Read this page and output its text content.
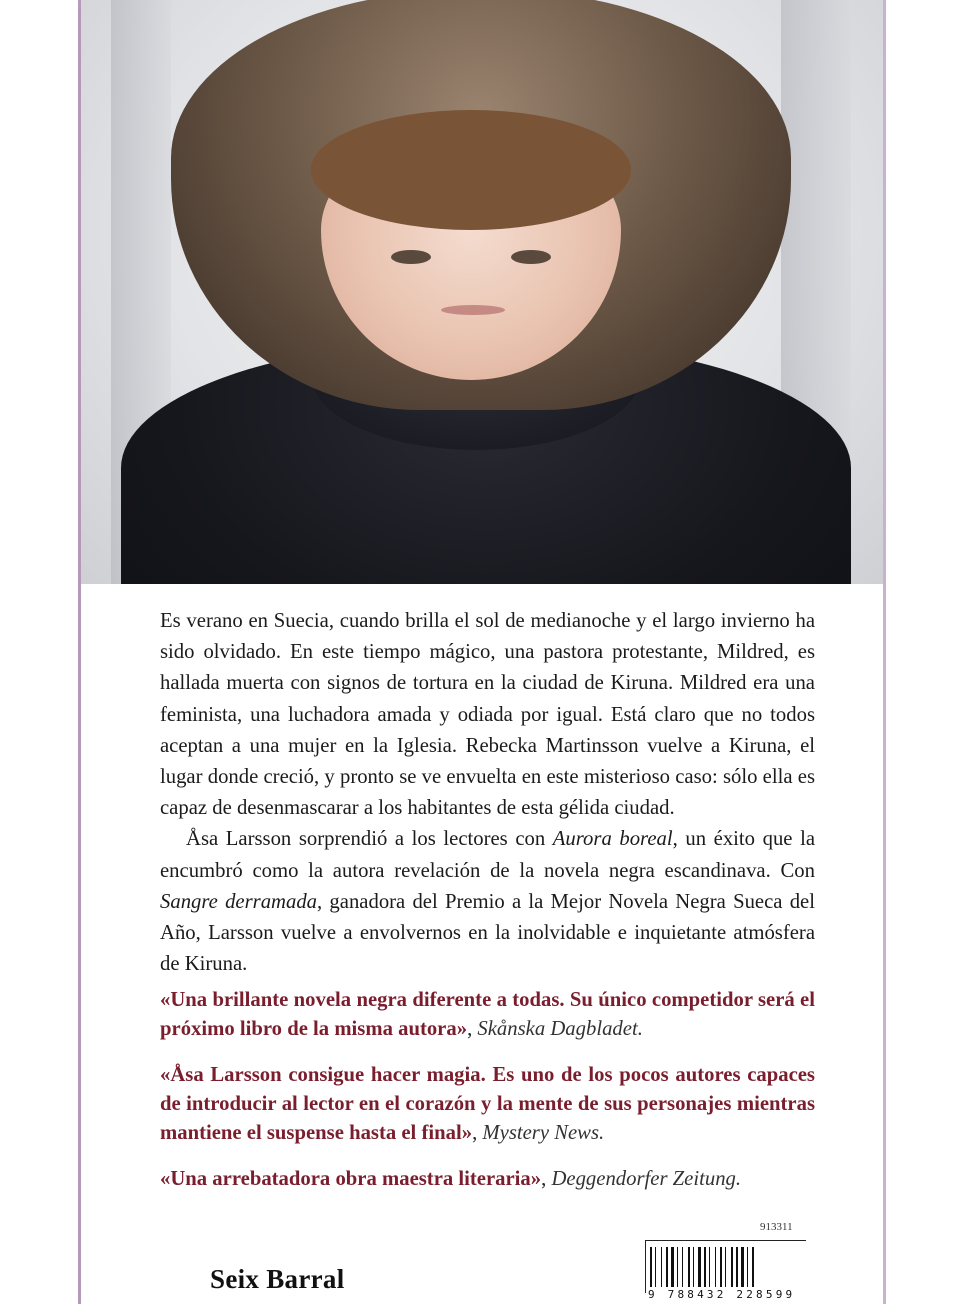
Es verano en Suecia, cuando brilla el sol de medianoche y el largo invierno ha sido olvidado. En este tiempo mágico, una pastora protestante, Mildred, es hallada muerta con signos de tortura en la ciudad de Kiruna. Mildred era una feminista, una luchadora amada y odiada por igual. Está claro que no todos aceptan a una mujer en la Iglesia. Rebecka Martinsson vuelve a Kiruna, el lugar donde creció, y pronto se ve envuelta en este misterioso caso: sólo ella es capaz de desenmascarar a los habitantes de esta gélida ciudad.

Åsa Larsson sorprendió a los lectores con Aurora boreal, un éxito que la encumbró como la autora revelación de la novela negra escandinava. Con Sangre derramada, ganadora del Premio a la Mejor Novela Negra Sueca del Año, Larsson vuelve a envolvernos en la inolvidable e inquietante atmósfera de Kiruna.

«Una brillante novela negra diferente a todas. Su único competidor será el próximo libro de la misma autora», Skånska Dagbladet.

«Åsa Larsson consigue hacer magia. Es uno de los pocos autores capaces de introducir al lector en el corazón y la mente de sus personajes mientras mantiene el suspense hasta el final», Mystery News.

«Una arrebatadora obra maestra literaria», Deggendorfer Zeitung.

913311
9 788432 228599
Seix Barral
